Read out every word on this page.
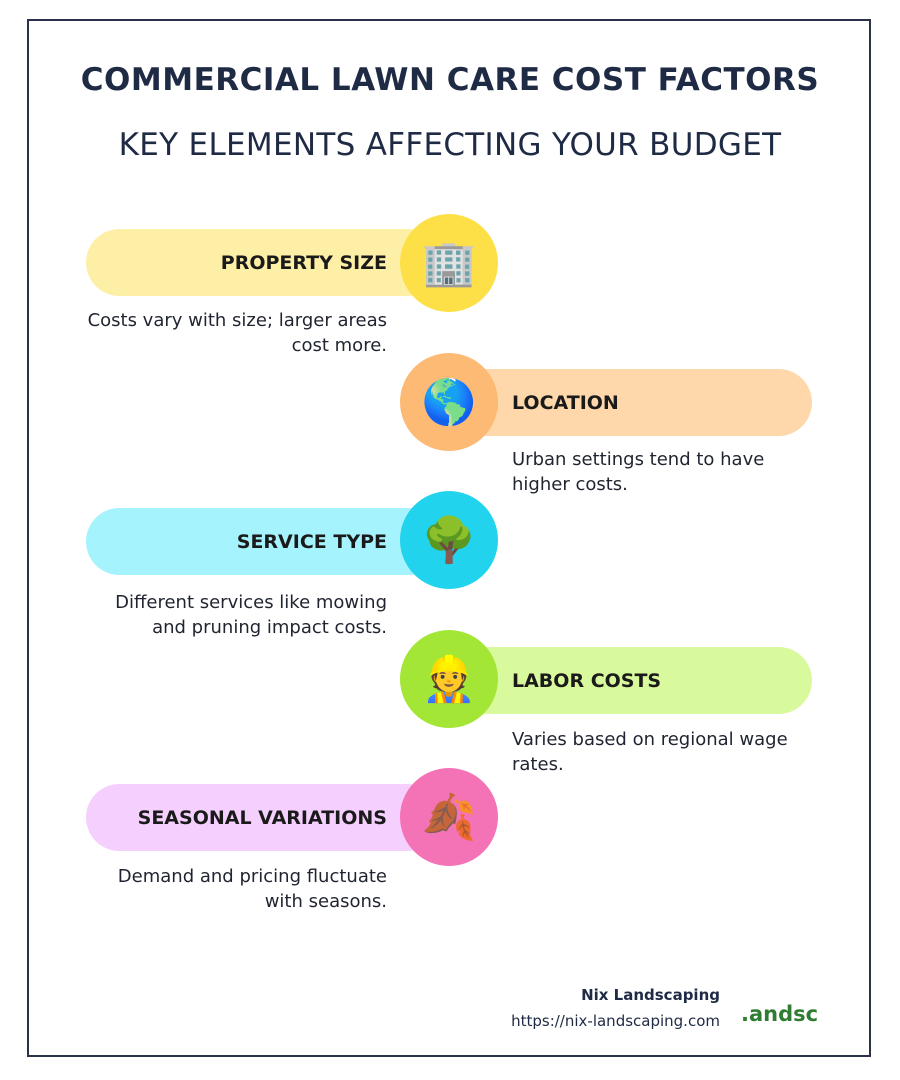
COMMERCIAL LAWN CARE COST FACTORS
KEY ELEMENTS AFFECTING YOUR BUDGET
PROPERTY SIZE 🏢
Costs vary with size; larger areas cost more.
LOCATION
🌎
Urban settings tend to have higher costs.
SERVICE TYPE 🌳
Different services like mowing and pruning impact costs.
LABOR COSTS
👷
Varies based on regional wage rates.
SEASONAL VARIATIONS 🍂
Demand and pricing fluctuate with seasons.
Nix Landscaping
https://nix-landscaping.com .andsc
